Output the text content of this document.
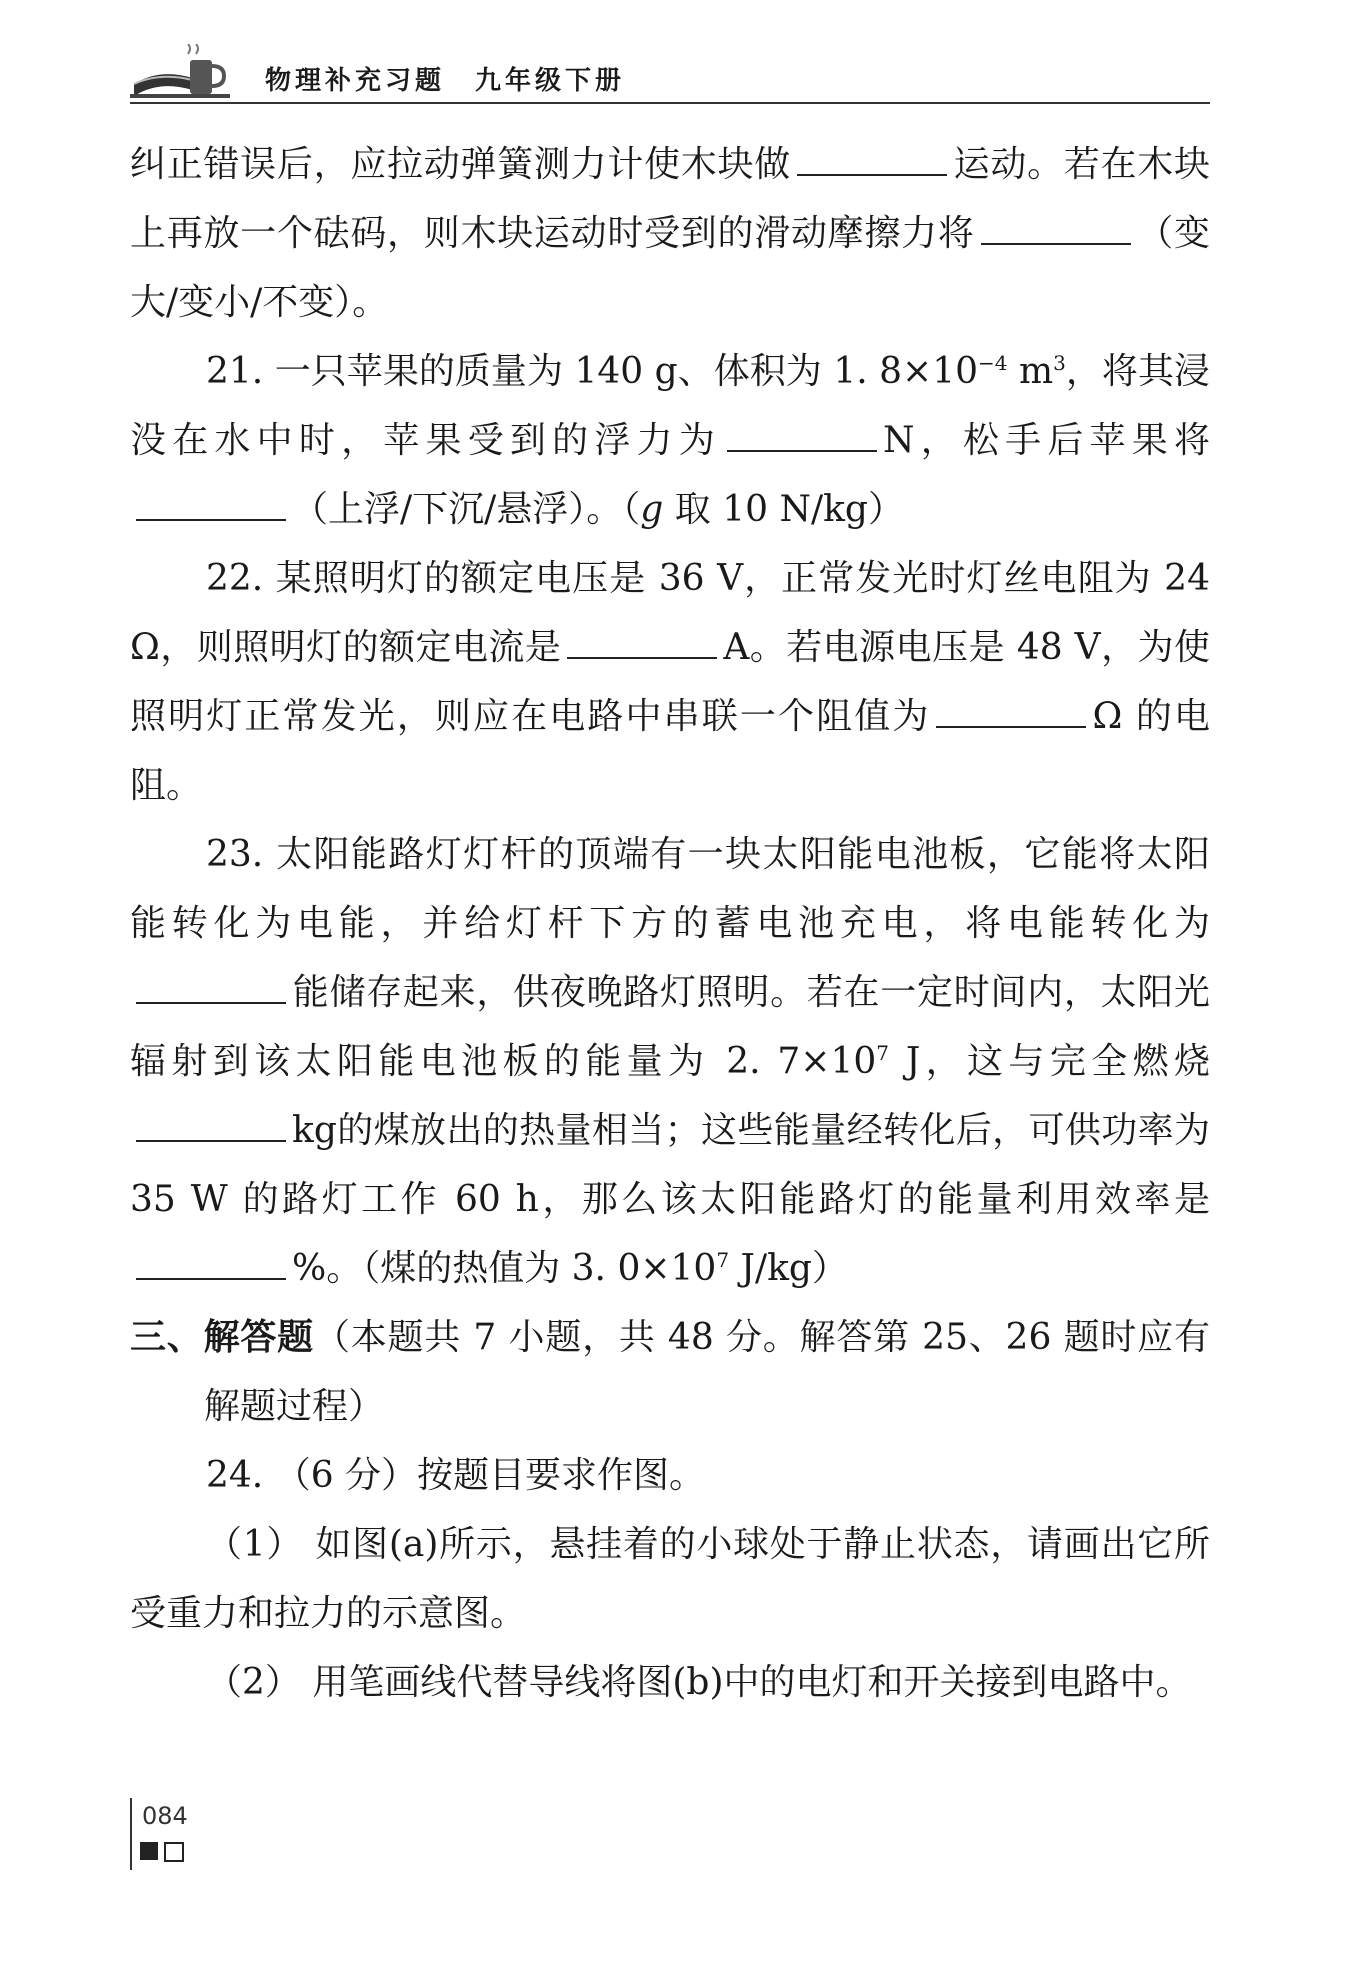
物理补充习题　九年级下册

纠正错误后，应拉动弹簧测力计使木块做	运动。若在木块上再放一个砝码，则木块运动时受到的滑动摩擦力将	（变大/变小/不变）。

21. 一只苹果的质量为 140 g、体积为 1. $8\times 10^{-4}$ $m^3$，将其浸没在水中时，苹果受到的浮力为	N，松手后苹果将（上浮/下沉/悬浮）。（g 取 10 N/kg）

22. 某照明灯的额定电压是 36 V，正常发光时灯丝电阻为 24 Ω，则照明灯的额定电流是	A。若电源电压是 48 V，为使照明灯正常发光，则应在电路中串联一个阻值为	Ω 的电阻。

23. 太阳能路灯灯杆的顶端有一块太阳能电池板，它能将太阳能转化为电能，并给灯杆下方的蓄电池充电，将电能转化为能储存起来，供夜晚路灯照明。若在一定时间内，太阳光辐射到该太阳能电池板的能量为 2. $7\times 10^7$ J，这与完全燃烧kg的煤放出的热量相当；这些能量经转化后，可供功率为 35 W 的路灯工作 60 h，那么该太阳能路灯的能量利用效率是%。（煤的热值为 3. $0\times 10^7$ J/kg）

三、解答题（本题共 7 小题，共 48 分。解答第 25、26 题时应有解题过程）

24. （6 分）按题目要求作图。

（1） 如图(a)所示，悬挂着的小球处于静止状态，请画出它所受重力和拉力的示意图。

（2） 用笔画线代替导线将图(b)中的电灯和开关接到电路中。

084
